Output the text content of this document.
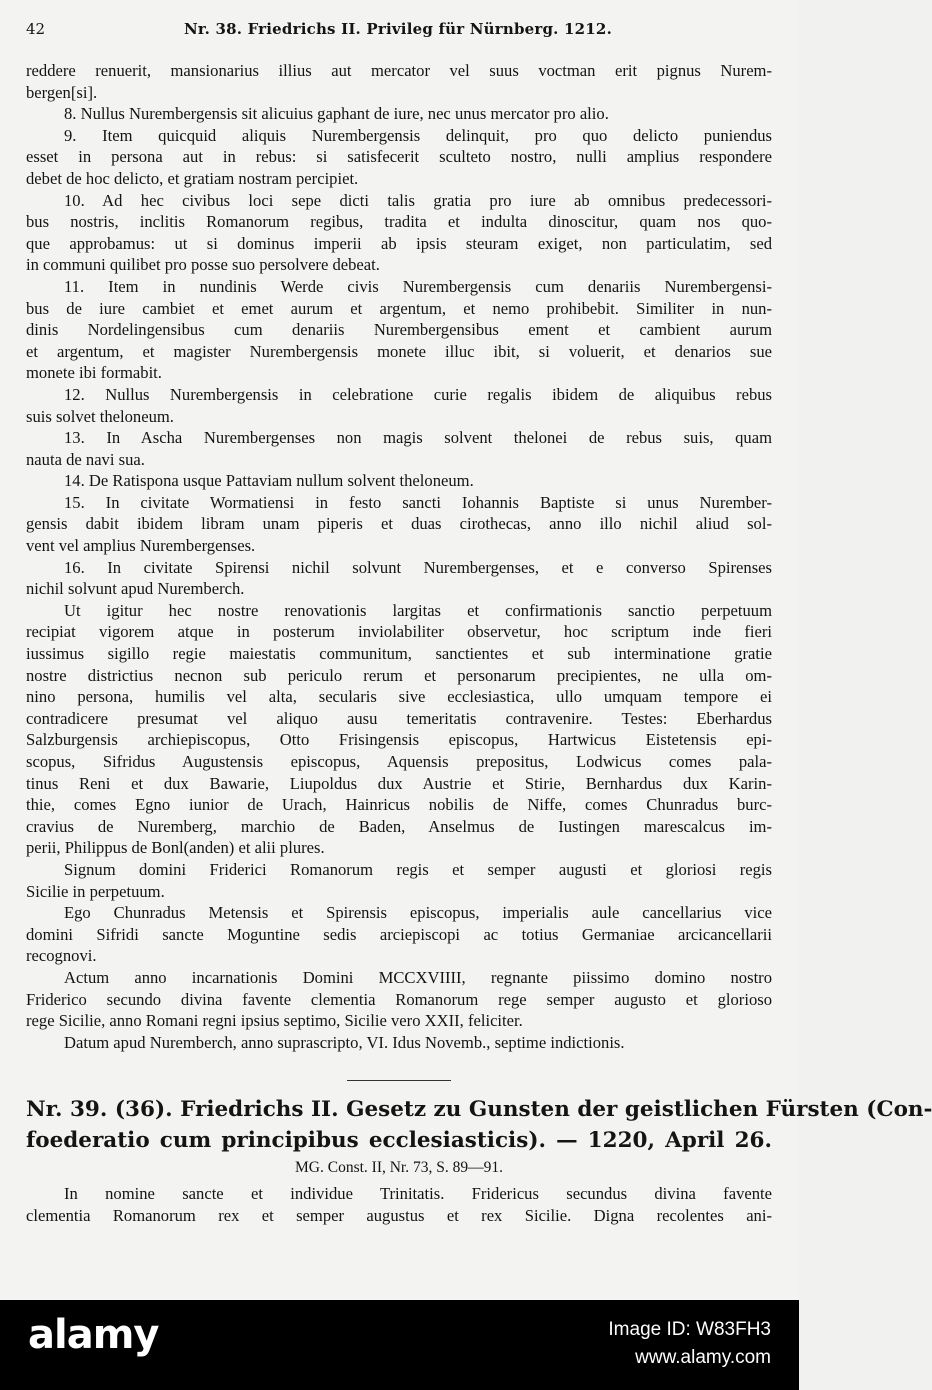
42	Nr. 38. Friedrichs II. Privileg für Nürnberg. 1212.
reddere renuerit, mansionarius illius aut mercator vel suus voctman erit pignus Nurem-
bergen[si].
8. Nullus Nurembergensis sit alicuius gaphant de iure, nec unus mercator pro alio.
9. Item quicquid aliquis Nurembergensis delinquit, pro quo delicto puniendus
esset in persona aut in rebus: si satisfecerit sculteto nostro, nulli amplius respondere
debet de hoc delicto, et gratiam nostram percipiet.
10. Ad hec civibus loci sepe dicti talis gratia pro iure ab omnibus predecessori-
bus nostris, inclitis Romanorum regibus, tradita et indulta dinoscitur, quam nos quo-
que approbamus: ut si dominus imperii ab ipsis steuram exiget, non particulatim, sed
in communi quilibet pro posse suo persolvere debeat.
11. Item in nundinis Werde civis Nurembergensis cum denariis Nurembergensi-
bus de iure cambiet et emet aurum et argentum, et nemo prohibebit. Similiter in nun-
dinis Nordelingensibus cum denariis Nurembergensibus ement et cambient aurum
et argentum, et magister Nurembergensis monete illuc ibit, si voluerit, et denarios sue
monete ibi formabit.
12. Nullus Nurembergensis in celebratione curie regalis ibidem de aliquibus rebus
suis solvet theloneum.
13. In Ascha Nurembergenses non magis solvent thelonei de rebus suis, quam
nauta de navi sua.
14. De Ratispona usque Pattaviam nullum solvent theloneum.
15. In civitate Wormatiensi in festo sancti Iohannis Baptiste si unus Nurember-
gensis dabit ibidem libram unam piperis et duas cirothecas, anno illo nichil aliud sol-
vent vel amplius Nurembergenses.
16. In civitate Spirensi nichil solvunt Nurembergenses, et e converso Spirenses
nichil solvunt apud Nuremberch.
Ut igitur hec nostre renovationis largitas et confirmationis sanctio perpetuum
recipiat vigorem atque in posterum inviolabiliter observetur, hoc scriptum inde fieri
iussimus sigillo regie maiestatis communitum, sanctientes et sub interminatione gratie
nostre districtius necnon sub periculo rerum et personarum precipientes, ne ulla om-
nino persona, humilis vel alta, secularis sive ecclesiastica, ullo umquam tempore ei
contradicere presumat vel aliquo ausu temeritatis contravenire. Testes: Eberhardus
Salzburgensis archiepiscopus, Otto Frisingensis episcopus, Hartwicus Eistetensis epi-
scopus, Sifridus Augustensis episcopus, Aquensis prepositus, Lodwicus comes pala-
tinus Reni et dux Bawarie, Liupoldus dux Austrie et Stirie, Bernhardus dux Karin-
thie, comes Egno iunior de Urach, Hainricus nobilis de Niffe, comes Chunradus burc-
cravius de Nuremberg, marchio de Baden, Anselmus de Iustingen marescalcus im-
perii, Philippus de Bonl(anden) et alii plures.
Signum domini Friderici Romanorum regis et semper augusti et gloriosi regis
Sicilie in perpetuum.
Ego Chunradus Metensis et Spirensis episcopus, imperialis aule cancellarius vice
domini Sifridi sancte Moguntine sedis arciepiscopi ac totius Germaniae arcicancellarii
recognovi.
Actum anno incarnationis Domini MCCXVIIII, regnante piissimo domino nostro
Friderico secundo divina favente clementia Romanorum rege semper augusto et glorioso
rege Sicilie, anno Romani regni ipsius septimo, Sicilie vero XXII, feliciter.
Datum apud Nuremberch, anno suprascripto, VI. Idus Novemb., septime indictionis.
Nr. 39. (36). Friedrichs II. Gesetz zu Gunsten der geistlichen Fürsten (Con-
foederatio cum principibus ecclesiasticis). — 1220, April 26.
MG. Const. II, Nr. 73, S. 89—91.
In nomine sancte et individue Trinitatis. Fridericus secundus divina favente
clementia Romanorum rex et semper augustus et rex Sicilie. Digna recolentes ani-
alamy	Image ID: W83FH3
www.alamy.com
